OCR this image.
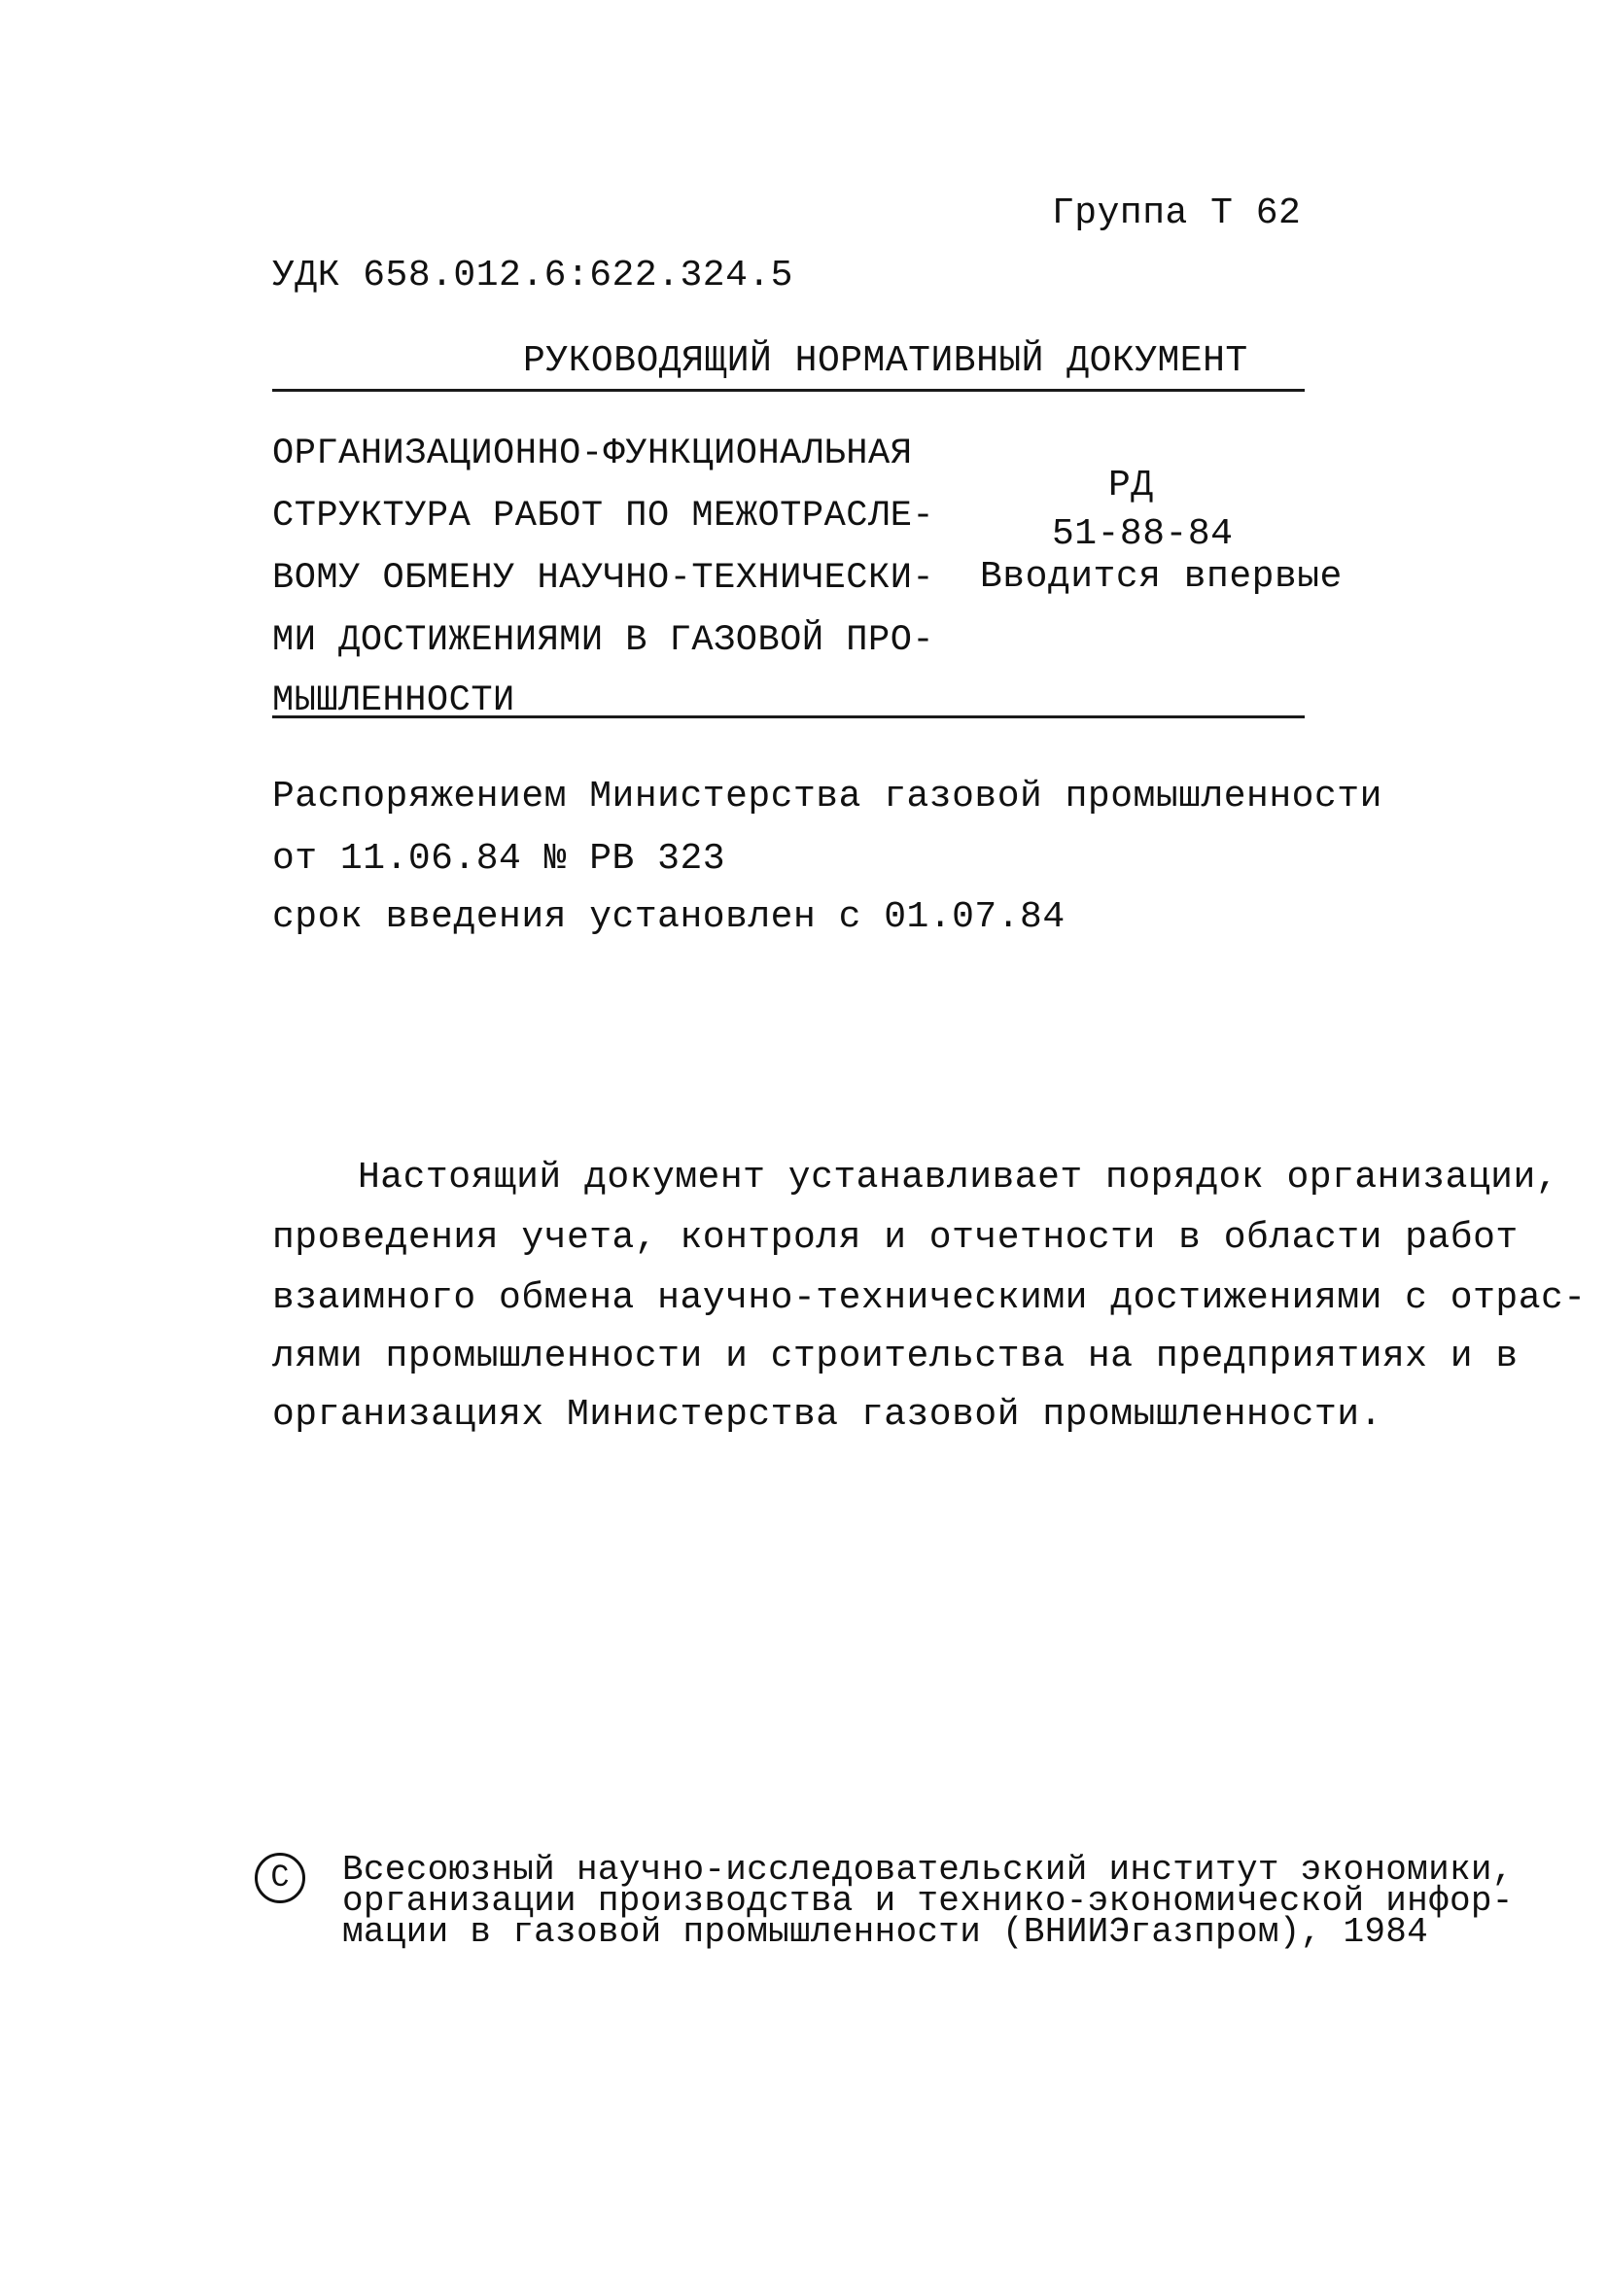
Группа Т 62
УДК 658.012.6:622.324.5
РУКОВОДЯЩИЙ НОРМАТИВНЫЙ ДОКУМЕНТ
ОРГАНИЗАЦИОННО-ФУНКЦИОНАЛЬНАЯ
СТРУКТУРА РАБОТ ПО МЕЖОТРАСЛЕ-
ВОМУ ОБМЕНУ НАУЧНО-ТЕХНИЧЕСКИ-
МИ ДОСТИЖЕНИЯМИ В ГАЗОВОЙ ПРО-
МЫШЛЕННОСТИ
РД
51-88-84
Вводится впервые
Распоряжением Министерства газовой промышленности
от 11.06.84 № РВ 323
срок введения установлен с 01.07.84
Настоящий документ устанавливает порядок организации,
проведения учета, контроля и отчетности в области работ
взаимного обмена научно-техническими достижениями с отрас-
лями промышленности и строительства на предприятиях и в
организациях Министерства газовой промышленности.
C Всесоюзный научно-исследовательский институт экономики,
организации производства и технико-экономической инфор-
мации в газовой промышленности (ВНИИЭгазпром), 1984
